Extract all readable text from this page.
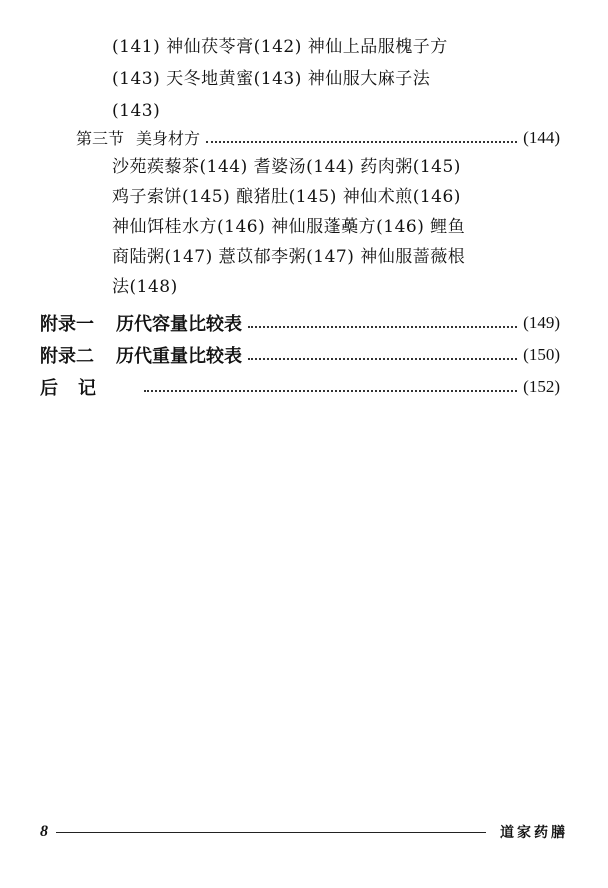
(141) 神仙茯苓膏(142) 神仙上品服槐子方
(143) 天冬地黄蜜(143) 神仙服大麻子法
(143)
第三节 美身材方	(144)
沙苑蒺藜茶(144) 耆婆汤(144) 药肉粥(145)
鸡子索饼(145) 酿猪肚(145) 神仙术煎(146)
神仙饵桂水方(146) 神仙服蓬蘽方(146) 鲤鱼
商陆粥(147) 薏苡郁李粥(147) 神仙服蔷薇根
法(148)
附录一 历代容量比较表	(149)
附录二 历代重量比较表	(150)
后记	(152)
8	道家药膳
